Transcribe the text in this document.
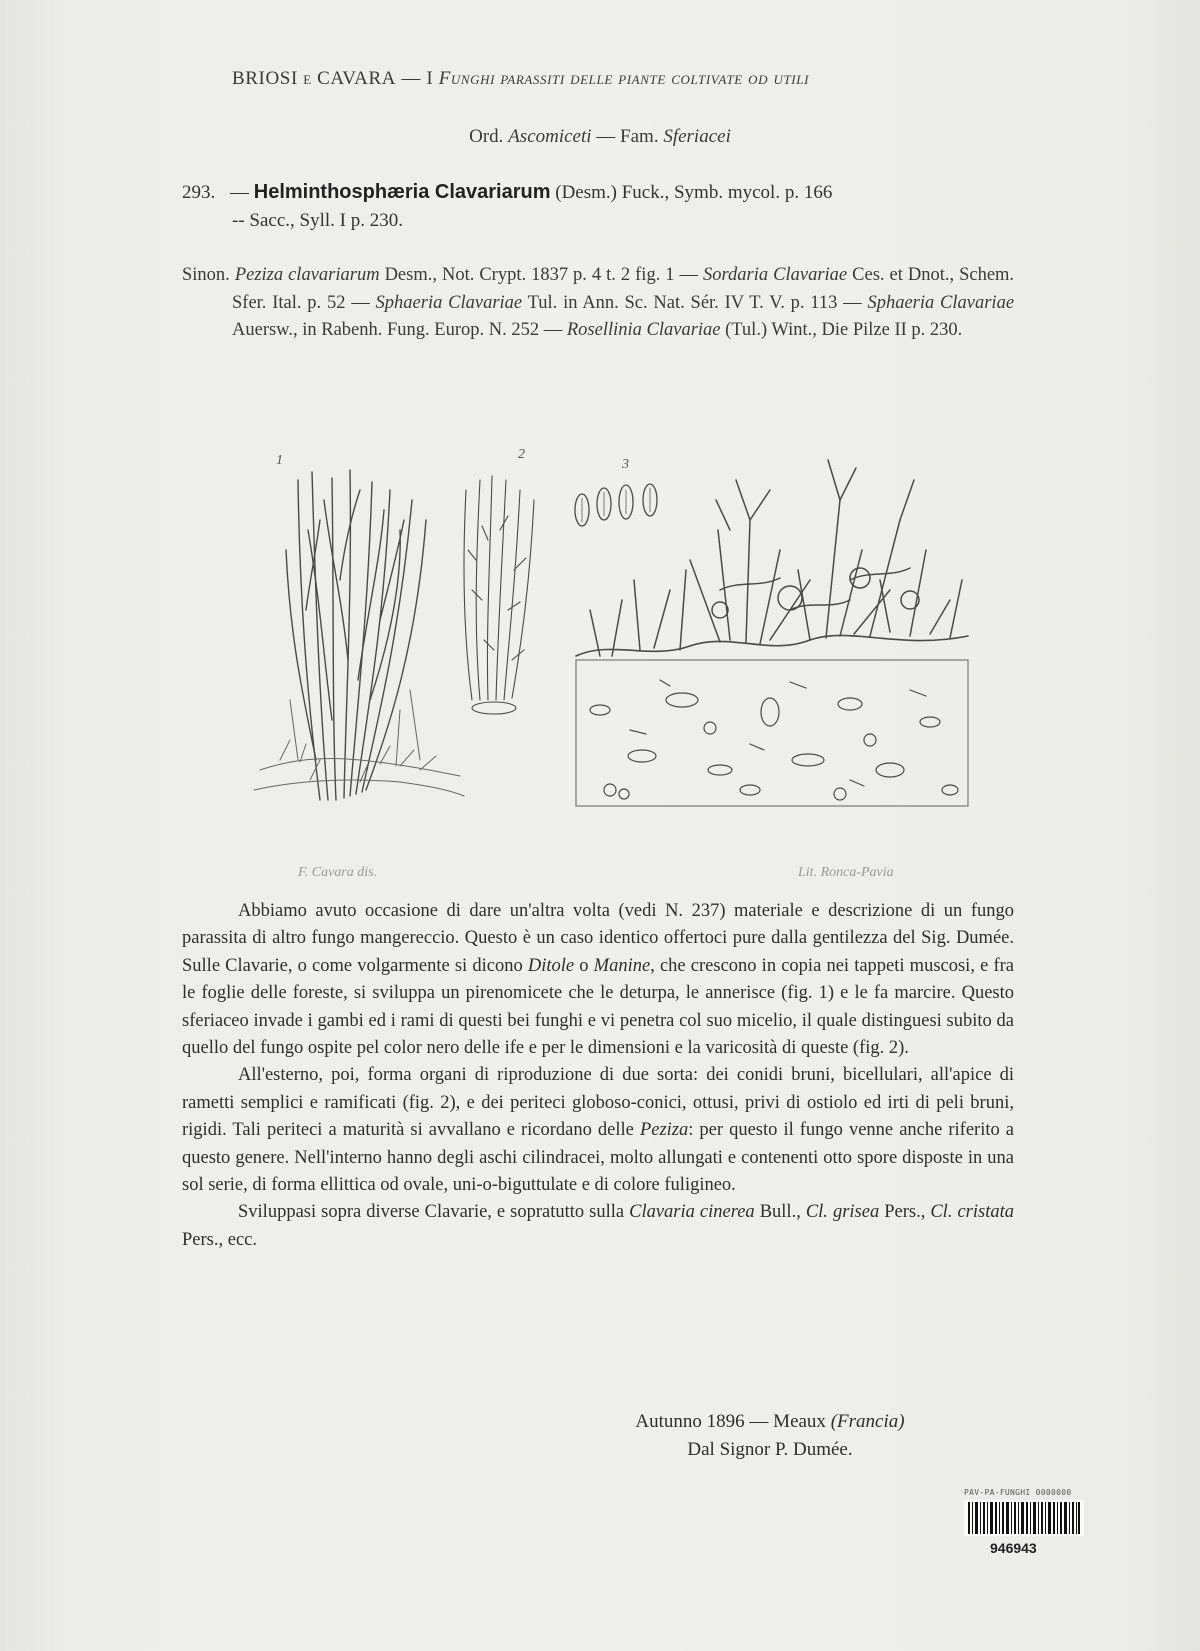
BRIOSI e CAVARA — I Funghi parassiti delle piante coltivate od utili
Ord. Ascomiceti — Fam. Sferiacei
293. — Helminthosphæria Clavariarum (Desm.) Fuck., Symb. mycol. p. 166
-- Sacc., Syll. I p. 230.
Sinon. Peziza clavariarum Desm., Not. Crypt. 1837 p. 4 t. 2 fig. 1 — Sordaria Clavariae Ces. et Dnot., Schem. Sfer. Ital. p. 52 — Sphaeria Clavariae Tul. in Ann. Sc. Nat. Sér. IV T. V. p. 113 — Sphaeria Clavariae Auersw., in Rabenh. Fung. Europ. N. 252 — Rosellinia Clavariae (Tul.) Wint., Die Pilze II p. 230.
1	2
3
F. Cavara dis.	Lit. Ronca-Pavia

Abbiamo avuto occasione di dare un'altra volta (vedi N. 237) materiale e descrizione di un fungo parassita di altro fungo mangereccio. Questo è un caso identico offertoci pure dalla gentilezza del Sig. Dumée. Sulle Clavarie, o come volgarmente si dicono Ditole o Manine, che crescono in copia nei tappeti muscosi, e fra le foglie delle foreste, si sviluppa un pirenomicete che le deturpa, le annerisce (fig. 1) e le fa marcire. Questo sferiaceo invade i gambi ed i rami di questi bei funghi e vi penetra col suo micelio, il quale distinguesi subito da quello del fungo ospite pel color nero delle ife e per le dimensioni e la varicosità di queste (fig. 2).

All'esterno, poi, forma organi di riproduzione di due sorta: dei conidi bruni, bicellulari, all'apice di rametti semplici e ramificati (fig. 2), e dei periteci globoso-conici, ottusi, privi di ostiolo ed irti di peli bruni, rigidi. Tali periteci a maturità si avvallano e ricordano delle Peziza: per questo il fungo venne anche riferito a questo genere. Nell'interno hanno degli aschi cilindracei, molto allungati e contenenti otto spore disposte in una sol serie, di forma ellittica od ovale, uni-o-biguttulate e di colore fuligineo.

Sviluppasi sopra diverse Clavarie, e sopratutto sulla Clavaria cinerea Bull., Cl. grisea Pers., Cl. cristata Pers., ecc.

Autunno 1896 — Meaux (Francia)
Dal Signor P. Dumée.
PAV-PA-FUNGHI 0000000
946943
